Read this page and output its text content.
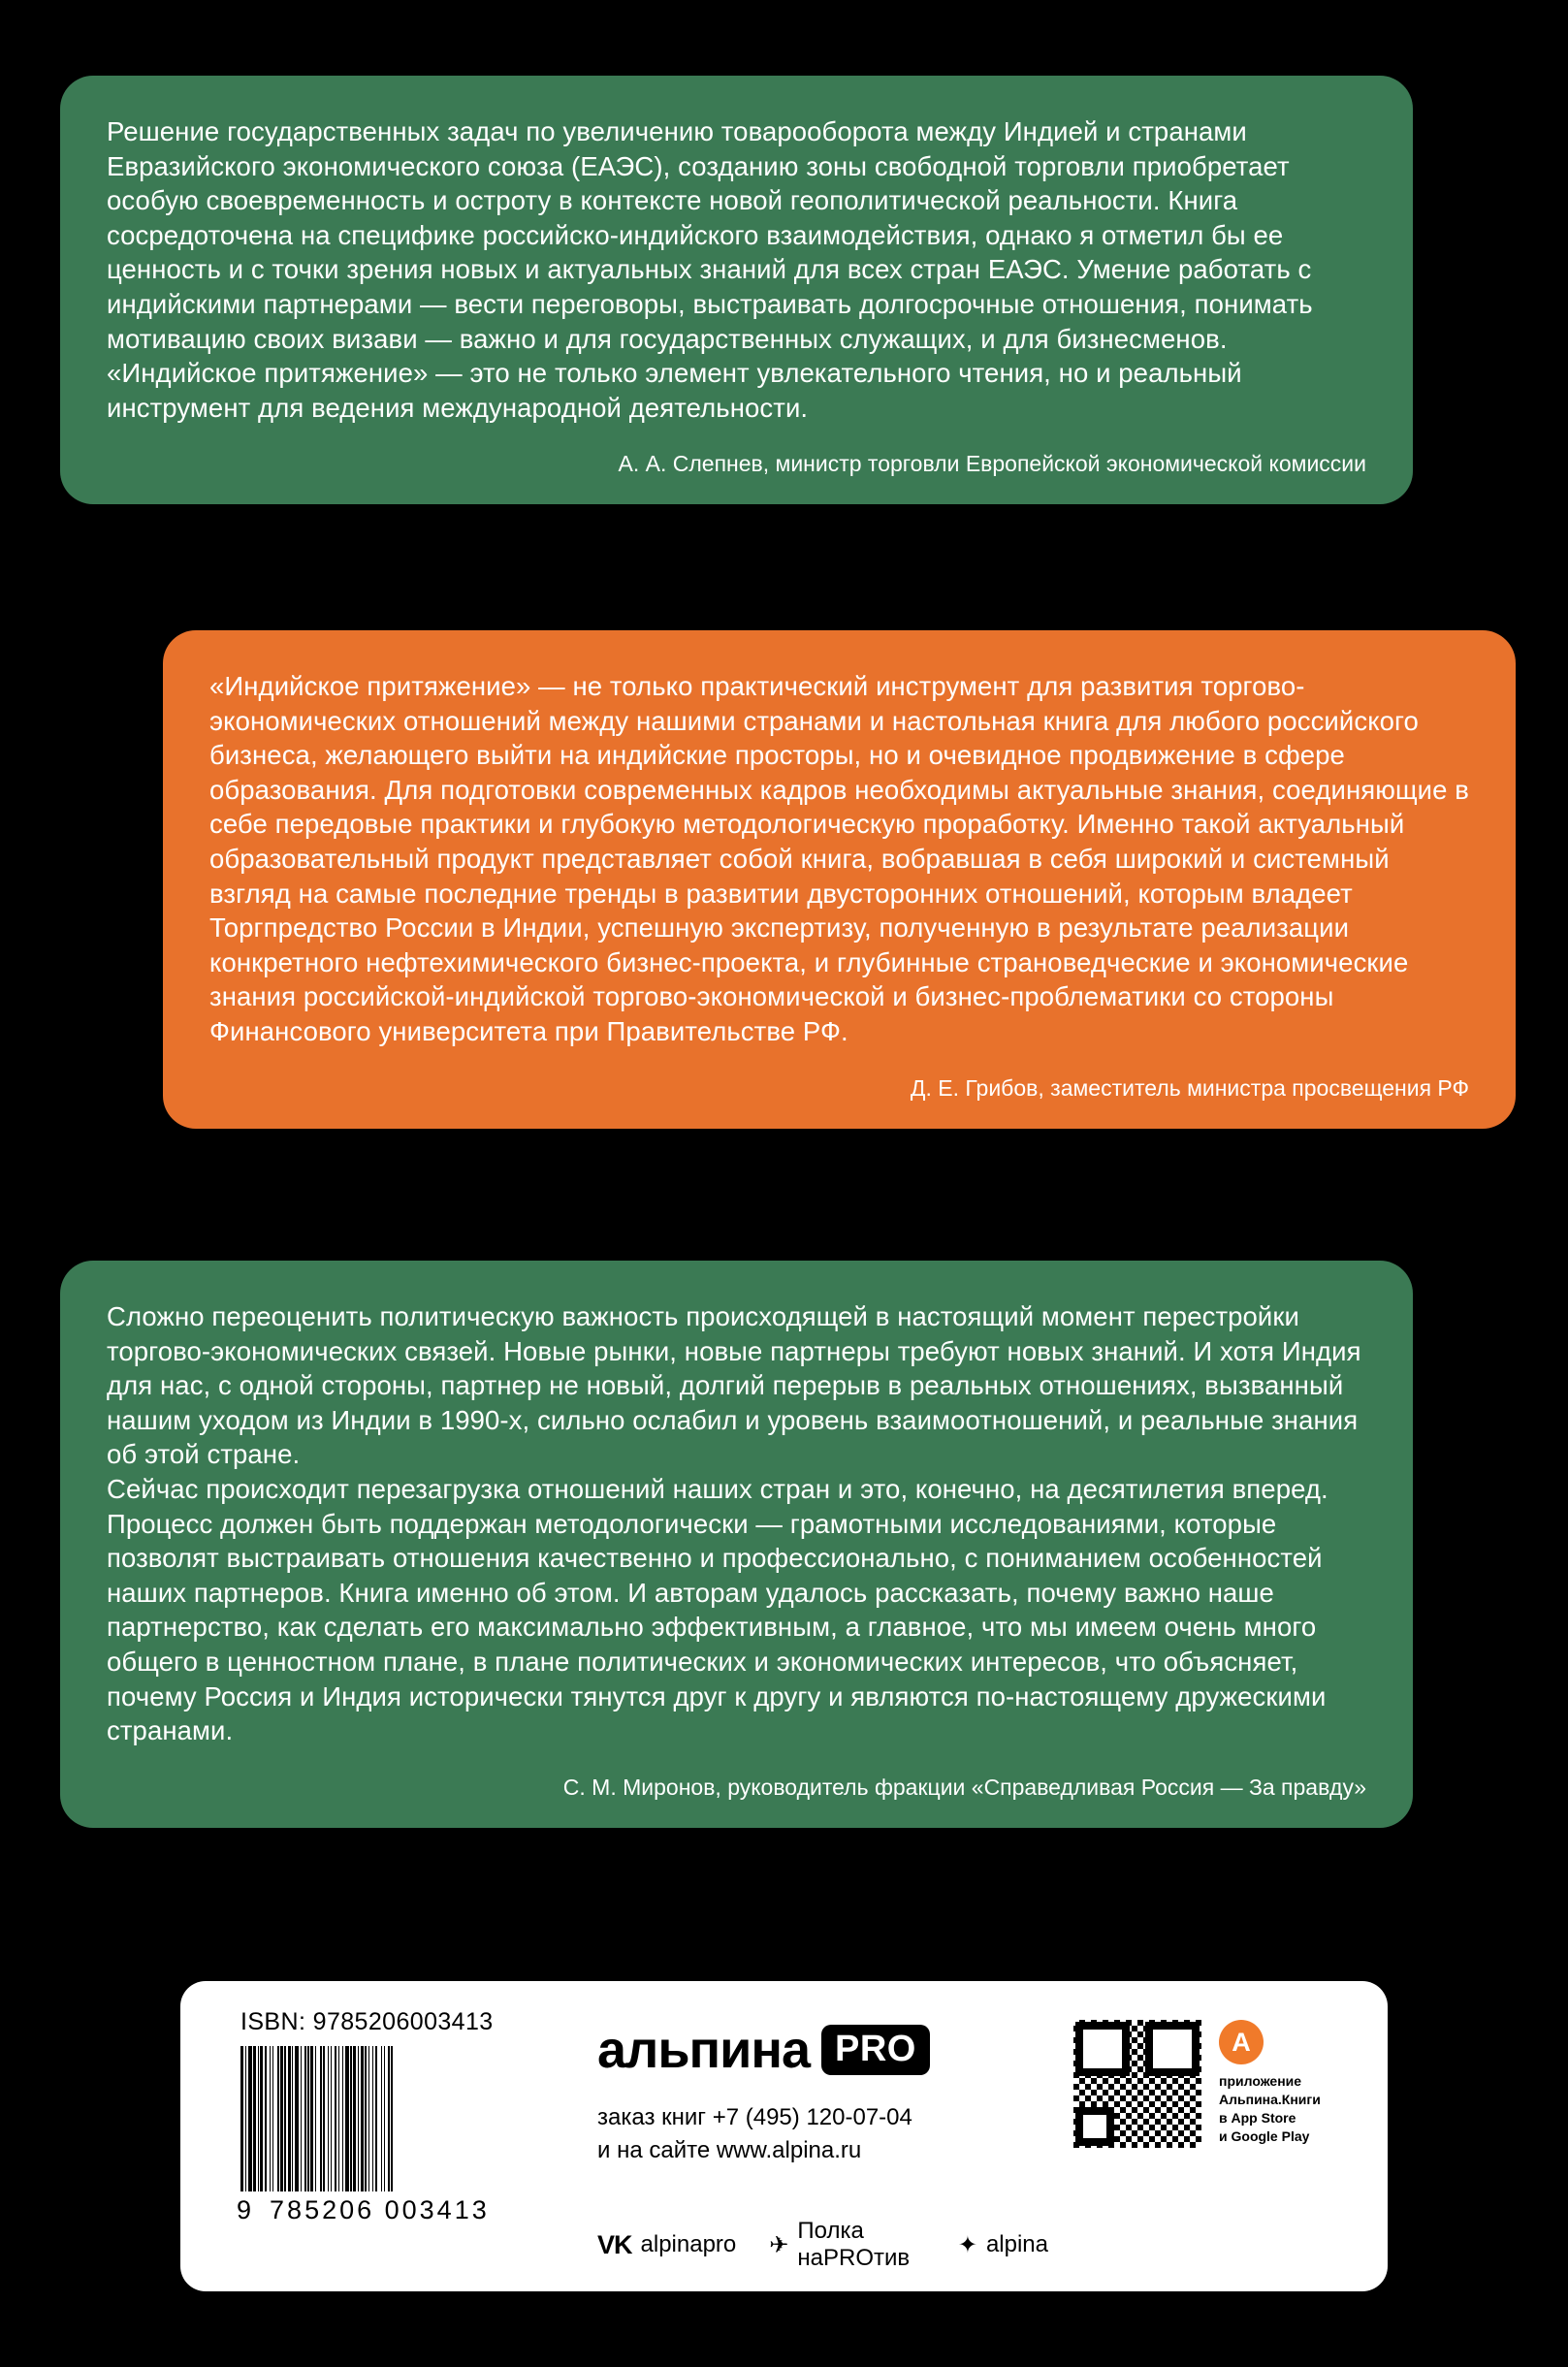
Решение государственных задач по увеличению товарооборота между Индией и странами Евразийского экономического союза (ЕАЭС), созданию зоны свободной торговли приобретает особую своевременность и остроту в контексте новой геополитической реальности. Книга сосредоточена на специфике российско-индийского взаимодействия, однако я отметил бы ее ценность и с точки зрения новых и актуальных знаний для всех стран ЕАЭС. Умение работать с индийскими партнерами — вести переговоры, выстраивать долгосрочные отношения, понимать мотивацию своих визави — важно и для государственных служащих, и для бизнесменов. «Индийское притяжение» — это не только элемент увлекательного чтения, но и реальный инструмент для ведения международной деятельности.

А. А. Слепнев, министр торговли Европейской экономической комиссии

«Индийское притяжение» — не только практический инструмент для развития торгово-экономических отношений между нашими странами и настольная книга для любого российского бизнеса, желающего выйти на индийские просторы, но и очевидное продвижение в сфере образования. Для подготовки современных кадров необходимы актуальные знания, соединяющие в себе передовые практики и глубокую методологическую проработку. Именно такой актуальный образовательный продукт представляет собой книга, вобравшая в себя широкий и системный взгляд на самые последние тренды в развитии двусторонних отношений, которым владеет Торгпредство России в Индии, успешную экспертизу, полученную в результате реализации конкретного нефтехимического бизнес-проекта, и глубинные страноведческие и экономические знания российской-индийской торгово-экономической и бизнес-проблематики со стороны Финансового университета при Правительстве РФ.

Д. Е. Грибов, заместитель министра просвещения РФ

Сложно переоценить политическую важность происходящей в настоящий момент перестройки торгово-экономических связей. Новые рынки, новые партнеры требуют новых знаний. И хотя Индия для нас, с одной стороны, партнер не новый, долгий перерыв в реальных отношениях, вызванный нашим уходом из Индии в 1990-х, сильно ослабил и уровень взаимоотношений, и реальные знания об этой стране.

Сейчас происходит перезагрузка отношений наших стран и это, конечно, на десятилетия вперед. Процесс должен быть поддержан методологически — грамотными исследованиями, которые позволят выстраивать отношения качественно и профессионально, с пониманием особенностей наших партнеров. Книга именно об этом. И авторам удалось рассказать, почему важно наше партнерство, как сделать его максимально эффективным, а главное, что мы имеем очень много общего в ценностном плане, в плане политических и экономических интересов, что объясняет, почему Россия и Индия исторически тянутся друг к другу и являются по-настоящему дружескими странами.

С. М. Миронов, руководитель фракции «Справедливая Россия — За правду»
ISBN: 9785206003413
9 785206 003413
альпина PRO
заказ книг +7 (495) 120-07-04
и на сайте www.alpina.ru
VK alpinapro ✈
Полка наPROтив	✦ alpina
A
приложение
Альпина.Книги
в App Store
и Google Play
